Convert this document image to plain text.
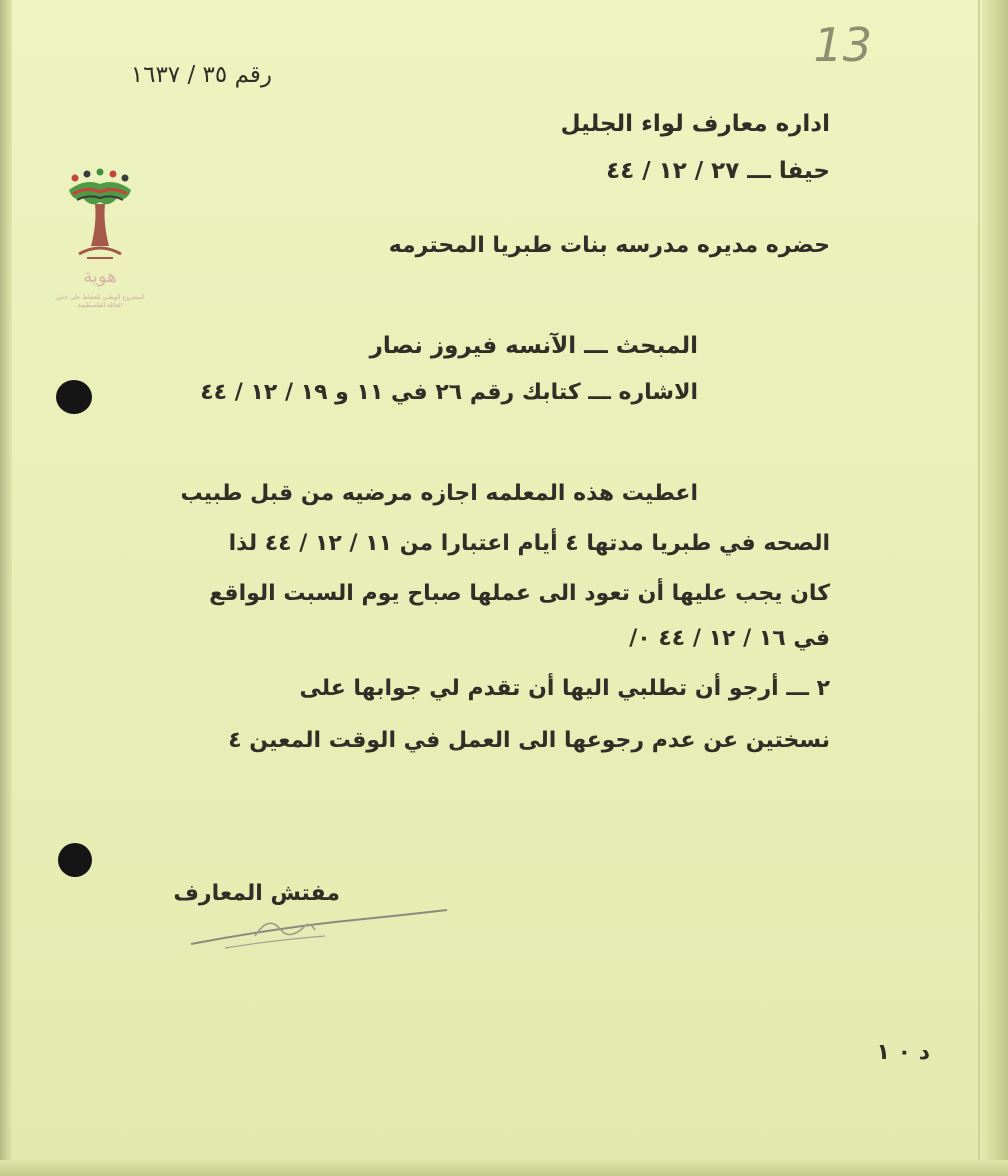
هوية
المشروع الوطني للحفاظ على جذور العائلة الفلسطينية
13
رقم ٣٥ / ١٦٣٧
اداره معارف لواء الجليل
حيفا ـــ ٢٧ / ١٢ / ٤٤
حضره مديره مدرسه بنات طبريا المحترمه
المبحث ـــ الآنسه فيروز نصار
الاشاره ـــ كتابك رقم ٢٦ في ١١ و ١٩ / ١٢ / ٤٤
اعطيت هذه المعلمه اجازه مرضيه من قبل طبيب
الصحه في طبريا مدتها ٤ أيام اعتبارا من ١١ / ١٢ / ٤٤ لذا
كان يجب عليها أن تعود الى عملها صباح يوم السبت الواقع
في ١٦ / ١٢ / ٤٤ ٠/
٢ ـــ أرجو أن تطلبي اليها أن تقدم لي جوابها على
نسختين عن عدم رجوعها الى العمل في الوقت المعين ٤
مفتش المعارف
د ٠ ١
